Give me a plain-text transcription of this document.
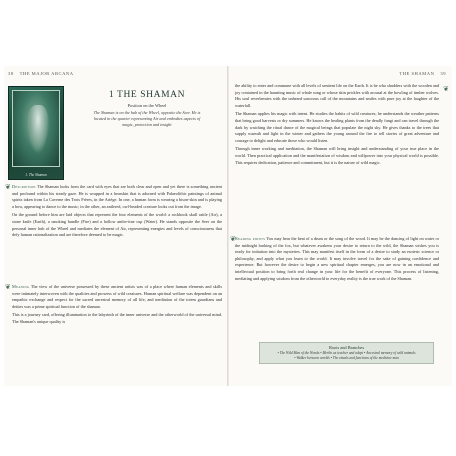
38 THE MAJOR ARCANA
1. The Shaman
1 THE SHAMAN
Position on the Wheel
The Shaman is on the hub of the Wheel, opposite the Seer. He is
located in the quarter representing Air and embodies aspects of
magic, protection and insight
❦ Description The Shaman looks from the card with eyes that are both clear and open and yet there is something ancient and profound within his steady gaze. He is wrapped in a bearskin that is adorned with Palaeolithic paintings of animal spirits taken from La Caverne des Trois Frères, in the Ariège. In one, a human form is wearing a bison-skin and is playing a bow, appearing to dance to the music; in the other, an antlered, owl-headed creature looks out from the image.

On the ground before him are laid objects that represent the four elements of the world: a rockbook skull rattle (Air), a stone knife (Earth), a smoking bundle (Fire) and a hollow antler-tine cup (Water). He stands opposite the Seer on the personal inner hub of the Wheel and mediates the element of Air, representing energies and levels of consciousness that defy human rationalization and are therefore deemed to be magic.

❦ Meaning The view of the universe possessed by these ancient artists was of a place where human elements and skills were intimately interwoven with the qualities and prowess of wild creatures. Human spiritual welfare was dependent on an empathic exchange and respect for the sacred ancestral memory of all life, and mediation of the totem guardians and deities was a prime spiritual function of the shaman.

This is a journey card, offering illumination to the labyrinth of the inner universe and the otherworld of the universal mind. The Shaman's unique quality is

THE SHAMAN 39
❦

the ability to enter and commune with all levels of sentient life on the Earth. It is he who shudders with the wooden and joy contained in the haunting music of whale song or whose skin prickles with arousal at the howling of timber wolves. His soul reverberates with the unheard sonorous call of the mountains and smiles with pure joy at the laughter of the waterfall.

The Shaman applies his magic with intent. He studies the habits of wild creatures; he understands the weather patterns that bring good harvests or dry summers. He knows the healing plants from the deadly fungi and can travel through the dark by watching the ritual dance of the magical beings that populate the night sky. He gives thanks to the trees that supply warmth and light in the winter and gathers the young around the fire to tell stories of great adventure and courage to delight and educate those who would listen.

Through inner working and meditation, the Shaman will bring insight and understanding of your true place in the world. Then practical application and the manifestation of wisdom and willpower into your physical world is possible. This requires dedication, patience and commitment, but it is the nature of wild magic.

❦ Reading points You may hear the beat of a drum or the song of the wood. It may be the dancing of light on water or the midnight barking of the fox, but whatever awakens your desire to return to the wild, the Shaman wishes you is ready for initiation into the mysteries. This may manifest itself in the form of a desire to study an esoteric science or philosophy, and apply what you learn to the world. It may involve travel for the sake of gaining confidence and experience. But however the desire to begin a new spiritual chapter emerges, you are now in an emotional and intellectual position to bring forth real change in your life for the benefit of everyone. This process of listening, mediating and applying wisdom from the otherworld to everyday reality is the true work of the Shaman.

Roots and Branches
• The Wild Man of the Woods • Merlin as teacher and adept • Ancestral memory of wild animals
• Walker between worlds • The rituals and functions of the medicine man
